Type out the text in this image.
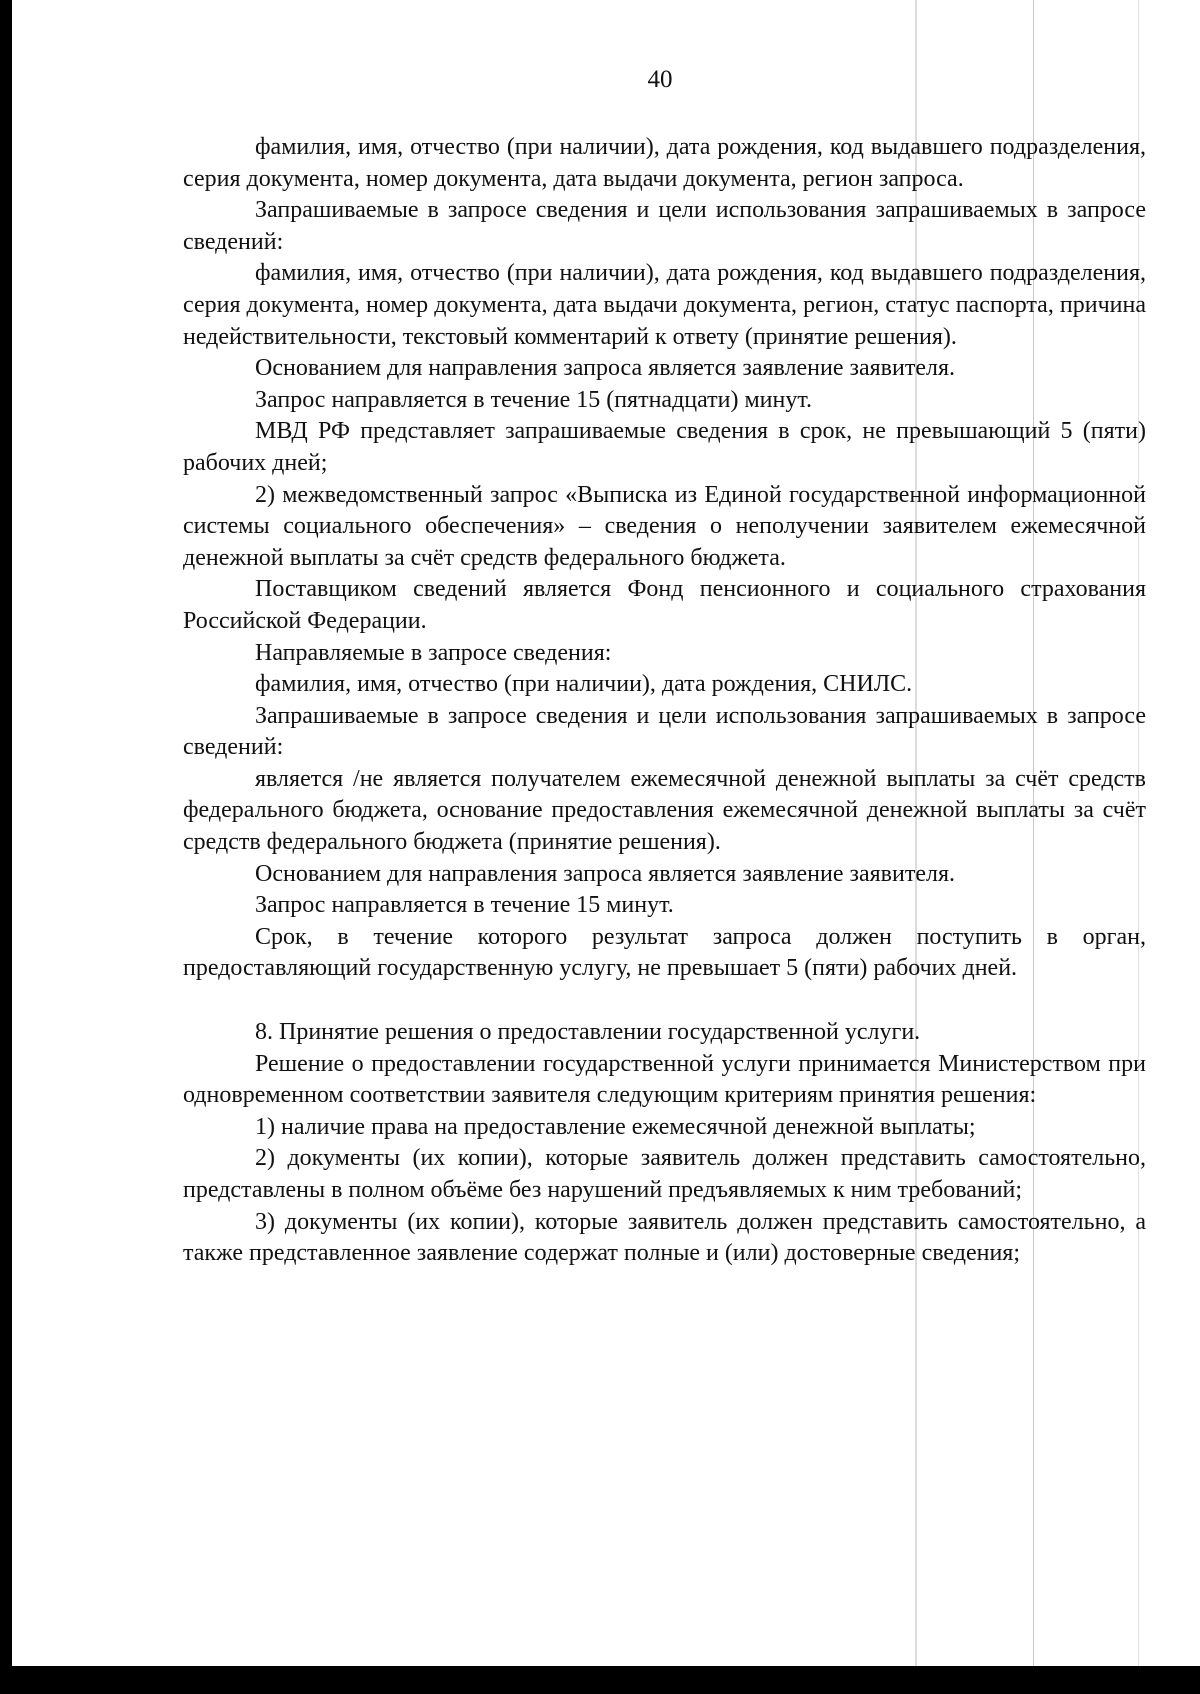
40

фамилия, имя, отчество (при наличии), дата рождения, код выдавшего подразделения, серия документа, номер документа, дата выдачи документа, регион запроса.

Запрашиваемые в запросе сведения и цели использования запрашиваемых в запросе сведений:

фамилия, имя, отчество (при наличии), дата рождения, код выдавшего подразделения, серия документа, номер документа, дата выдачи документа, регион, статус паспорта, причина недействительности, текстовый комментарий к ответу (принятие решения).

Основанием для направления запроса является заявление заявителя.

Запрос направляется в течение 15 (пятнадцати) минут.

МВД РФ представляет запрашиваемые сведения в срок, не превышающий 5 (пяти) рабочих дней;

2) межведомственный запрос «Выписка из Единой государственной информационной системы социального обеспечения» – сведения о неполучении заявителем ежемесячной денежной выплаты за счёт средств федерального бюджета.

Поставщиком сведений является Фонд пенсионного и социального страхования Российской Федерации.

Направляемые в запросе сведения:

фамилия, имя, отчество (при наличии), дата рождения, СНИЛС.

Запрашиваемые в запросе сведения и цели использования запрашиваемых в запросе сведений:

является /не является получателем ежемесячной денежной выплаты за счёт средств федерального бюджета, основание предоставления ежемесячной денежной выплаты за счёт средств федерального бюджета (принятие решения).

Основанием для направления запроса является заявление заявителя.

Запрос направляется в течение 15 минут.

Срок, в течение которого результат запроса должен поступить в орган, предоставляющий государственную услугу, не превышает 5 (пяти) рабочих дней.

8. Принятие решения о предоставлении государственной услуги.

Решение о предоставлении государственной услуги принимается Министерством при одновременном соответствии заявителя следующим критериям принятия решения:

1) наличие права на предоставление ежемесячной денежной выплаты;

2) документы (их копии), которые заявитель должен представить самостоятельно, представлены в полном объёме без нарушений предъявляемых к ним требований;

3) документы (их копии), которые заявитель должен представить самостоятельно, а также представленное заявление содержат полные и (или) достоверные сведения;
